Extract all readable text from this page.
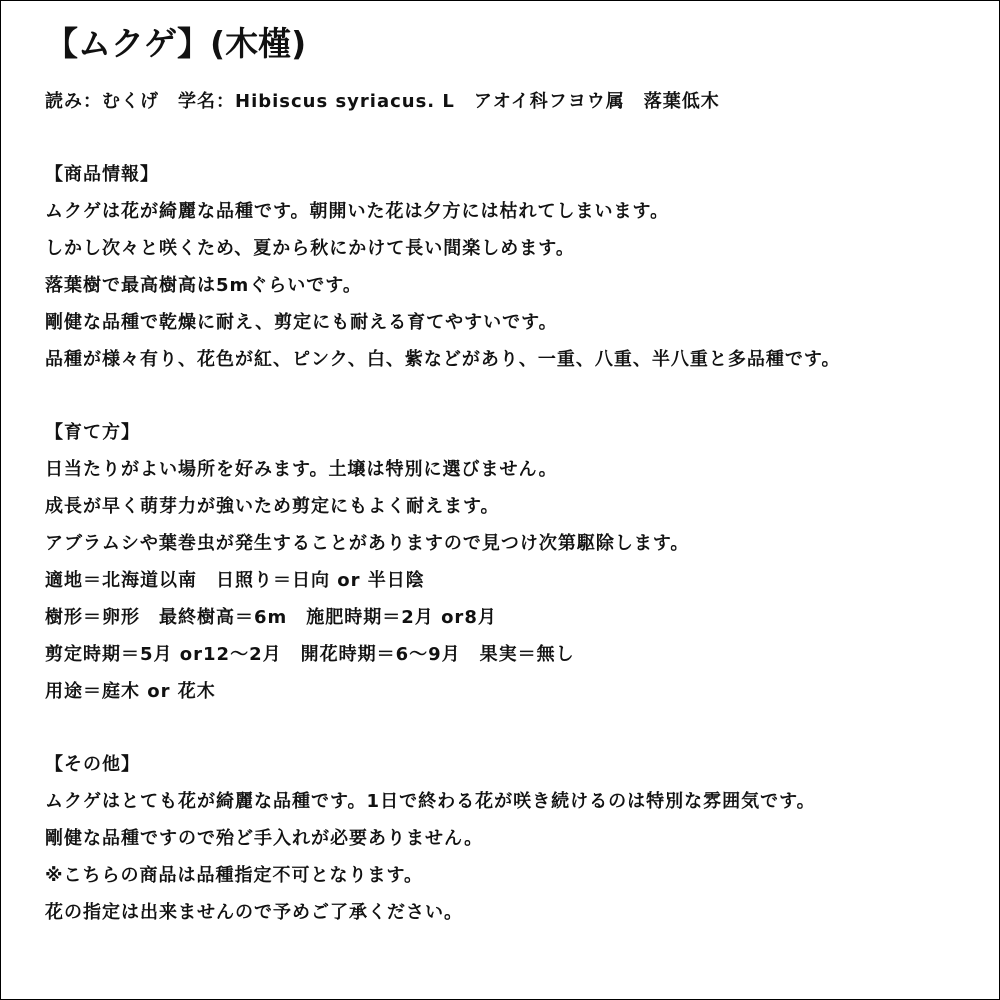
【ムクゲ】(木槿)
読み：むくげ　学名：Hibiscus syriacus. L　アオイ科フヨウ属　落葉低木
【商品情報】
ムクゲは花が綺麗な品種です。朝開いた花は夕方には枯れてしまいます。
しかし次々と咲くため、夏から秋にかけて長い間楽しめます。
落葉樹で最高樹高は5mぐらいです。
剛健な品種で乾燥に耐え、剪定にも耐える育てやすいです。
品種が様々有り、花色が紅、ピンク、白、紫などがあり、一重、八重、半八重と多品種です。
【育て方】
日当たりがよい場所を好みます。土壌は特別に選びません。
成長が早く萌芽力が強いため剪定にもよく耐えます。
アブラムシや葉巻虫が発生することがありますので見つけ次第駆除します。
適地＝北海道以南　日照り＝日向 or 半日陰
樹形＝卵形　最終樹高＝6m　施肥時期＝2月 or8月
剪定時期＝5月 or12～2月　開花時期＝6～9月　果実＝無し
用途＝庭木 or 花木
【その他】
ムクゲはとても花が綺麗な品種です。1日で終わる花が咲き続けるのは特別な雰囲気です。
剛健な品種ですので殆ど手入れが必要ありません。
※こちらの商品は品種指定不可となります。
花の指定は出来ませんので予めご了承ください。
